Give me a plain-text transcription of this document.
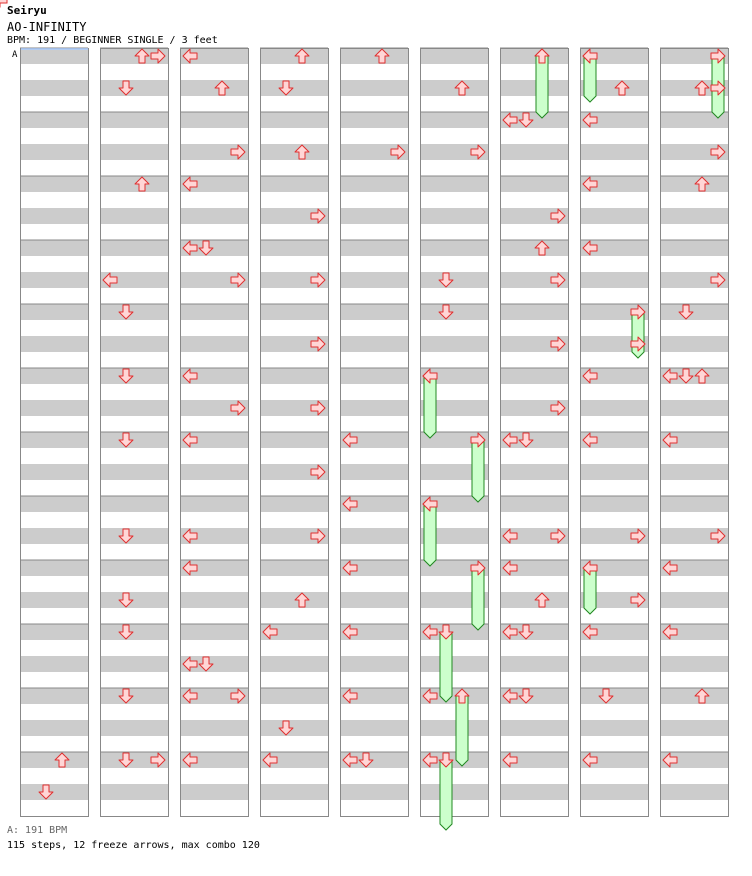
Seiryu
AO-INFINITY
BPM: 191 / BEGINNER SINGLE / 3 feet
A
A: 191 BPM
115 steps, 12 freeze arrows, max combo 120
